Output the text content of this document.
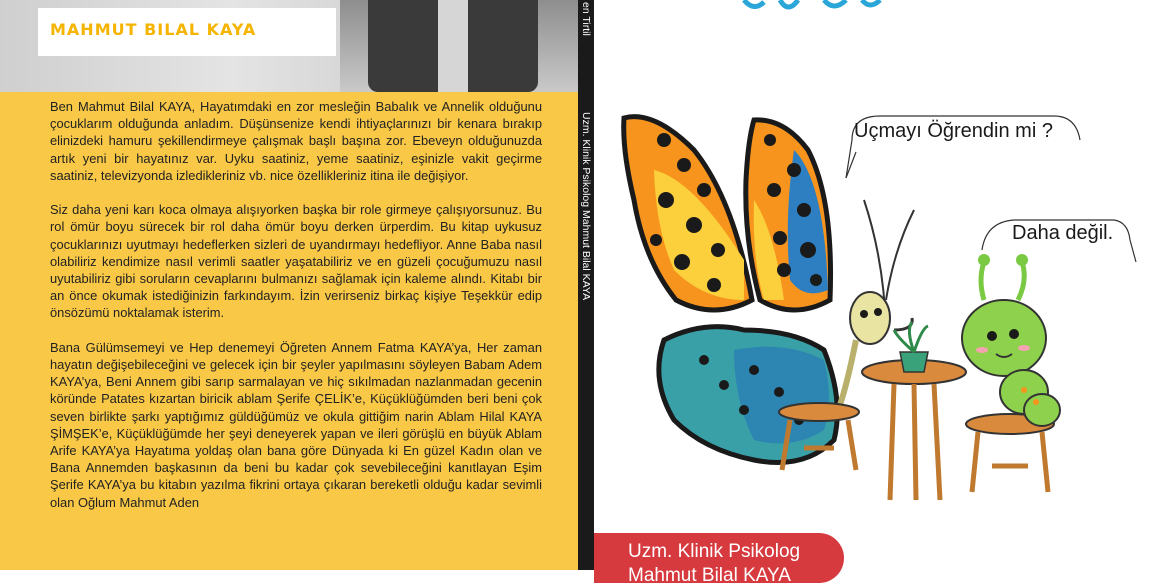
MAHMUT BILAL KAYA

Ben Mahmut Bilal KAYA, Hayatımdaki en zor mesleğin Babalık ve Annelik olduğunu çocuklarım olduğunda anladım. Düşünsenize kendi ihtiyaçlarınızı bir kenara bırakıp elinizdeki hamuru şekillendirmeye çalışmak başlı başına zor. Ebeveyn olduğunuzda artık yeni bir hayatınız var. Uyku saatiniz, yeme saatiniz, eşinizle vakit geçirme saatiniz, televizyonda izledikleriniz vb. nice özellikleriniz itina ile değişiyor.

Siz daha yeni karı koca olmaya alışıyorken başka bir role girmeye çalışıyorsunuz. Bu rol ömür boyu sürecek bir rol daha ömür boyu derken ürperdim. Bu kitap uykusuz çocuklarınızı uyutmayı hedeflerken sizleri de uyandırmayı hedefliyor. Anne Baba nasıl olabiliriz kendimize nasıl verimli saatler yaşatabiliriz ve en güzeli çocuğumuzu nasıl uyutabiliriz gibi soruların cevaplarını bulmanızı sağlamak için kaleme alındı. Kitabı bir an önce okumak istediğinizin farkındayım. İzin verirseniz birkaç kişiye Teşekkür edip önsözümü noktalamak isterim.

Bana Gülümsemeyi ve Hep denemeyi Öğreten Annem Fatma KAYA’ya, Her zaman hayatın değişebileceğini ve gelecek için bir şeyler yapılmasını söyleyen Babam Adem KAYA’ya, Beni Annem gibi sarıp sarmalayan ve hiç sıkılmadan nazlanmadan gecenin köründe Patates kızartan biricik ablam Şerife ÇELİK’e, Küçüklüğümden beri beni çok seven birlikte şarkı yaptığımız güldüğümüz ve okula gittiğim narin Ablam Hilal KAYA ŞİMŞEK’e, Küçüklüğümde her şeyi deneyerek yapan ve ileri görüşlü en büyük Ablam Arife KAYA’ya Hayatıma yoldaş olan bana göre Dünyada ki En güzel Kadın olan ve Bana Annemden başkasının da beni bu kadar çok sevebileceğini kanıtlayan Eşim Şerife KAYA’ya bu kitabın yazılma fikrini ortaya çıkaran bereketli olduğu kadar sevimli olan Oğlum Mahmut Aden

en Tirtil
Uzm. Klinik Psikolog Mahmut Bilal KAYA	Uçmayı Öğrendin mi ?
Daha değil.
Uzm. Klinik Psikolog
Mahmut Bilal KAYA
